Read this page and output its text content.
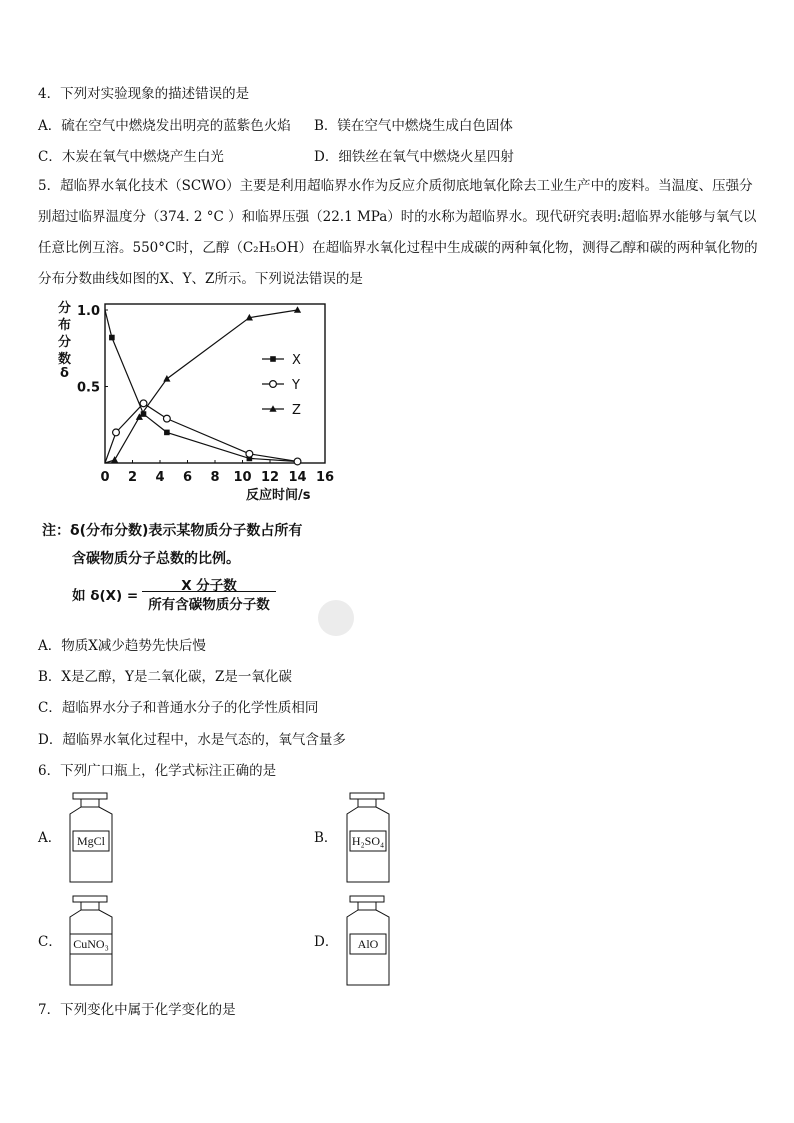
4．下列对实验现象的描述错误的是
A．硫在空气中燃烧发出明亮的蓝紫色火焰 B．镁在空气中燃烧生成白色固体
C．木炭在氧气中燃烧产生白光	D．细铁丝在氧气中燃烧火星四射
5．超临界水氧化技术（SCWO）主要是利用超临界水作为反应介质彻底地氧化除去工业生产中的废料。当温度、压强分别超过临界温度分（374. 2 °C ）和临界压强（22.1 MPa）时的水称为超临界水。现代研究表明:超临界水能够与氧气以任意比例互溶。550°C时，乙醇（C₂H₅OH）在超临界水氧化过程中生成碳的两种氧化物，测得乙醇和碳的两种氧化物的分布分数曲线如图的X、Y、Z所示。下列说法错误的是
分
布
分
数
δ
0 2 4 6 8 10 12 14 16
0.5
1.0
X
Y
Z
反应时间/s
注：δ(分布分数)表示某物质分子数占所有
含碳物质分子总数的比例。
如 δ(X) =
X 分子数
所有含碳物质分子数
A．物质X减少趋势先快后慢
B．X是乙醇，Y是二氧化碳，Z是一氧化碳
C．超临界水分子和普通水分子的化学性质相同
D．超临界水氧化过程中，水是气态的，氧气含量多
6．下列广口瓶上，化学式标注正确的是
A．	MgCl	B．	H₂SO₄
C． CuNO₃	D．	AlO
7．下列变化中属于化学变化的是
